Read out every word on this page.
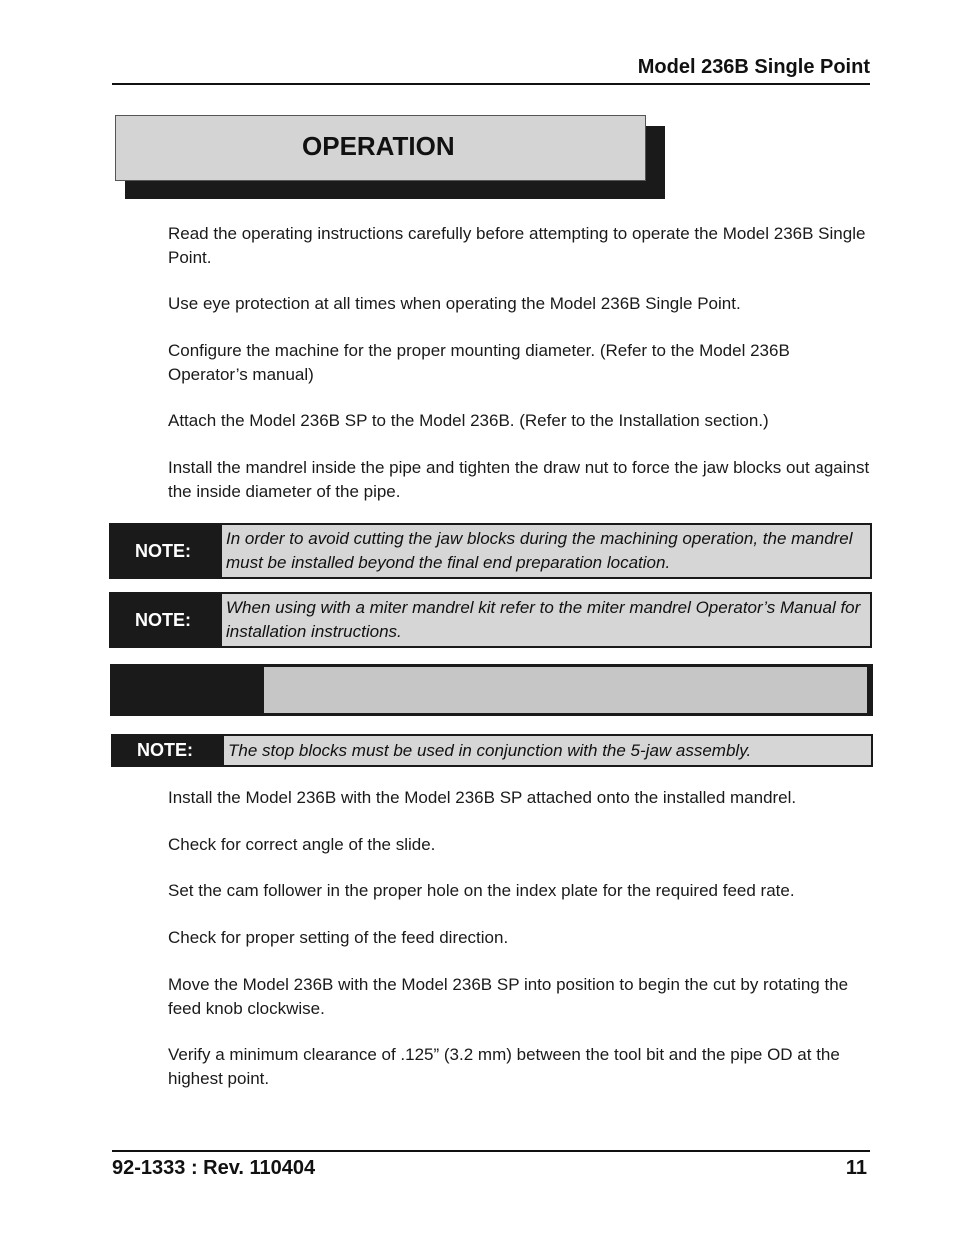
Model 236B Single Point
OPERATION
Read the operating instructions carefully before attempting to operate the Model 236B Single Point.
Use eye protection at all times when operating the Model 236B Single Point.
Configure the machine for the proper mounting diameter. (Refer to the Model 236B Operator’s manual)
Attach the Model 236B SP to the Model 236B. (Refer to the Installation section.)
Install the mandrel inside the pipe and tighten the draw nut to force the jaw blocks out against the inside diameter of the pipe.
NOTE:
In order to avoid cutting the jaw blocks during the machining operation, the mandrel must be installed beyond the final end preparation location.
NOTE:
When using with a miter mandrel kit refer to the miter mandrel Operator’s Manual for installation instructions.
NOTE:	The stop blocks must be used in conjunction with the 5-jaw assembly.
Install the Model 236B with the Model 236B SP attached onto the installed mandrel.
Check for correct angle of the slide.
Set the cam follower in the proper hole on the index plate for the required feed rate.
Check for proper setting of the feed direction.
Move the Model 236B with the Model 236B SP into position to begin the cut by rotating the feed knob clockwise.
Verify a minimum clearance of .125” (3.2 mm) between the tool bit and the pipe OD at the highest point.
92-1333 : Rev. 110404	11
